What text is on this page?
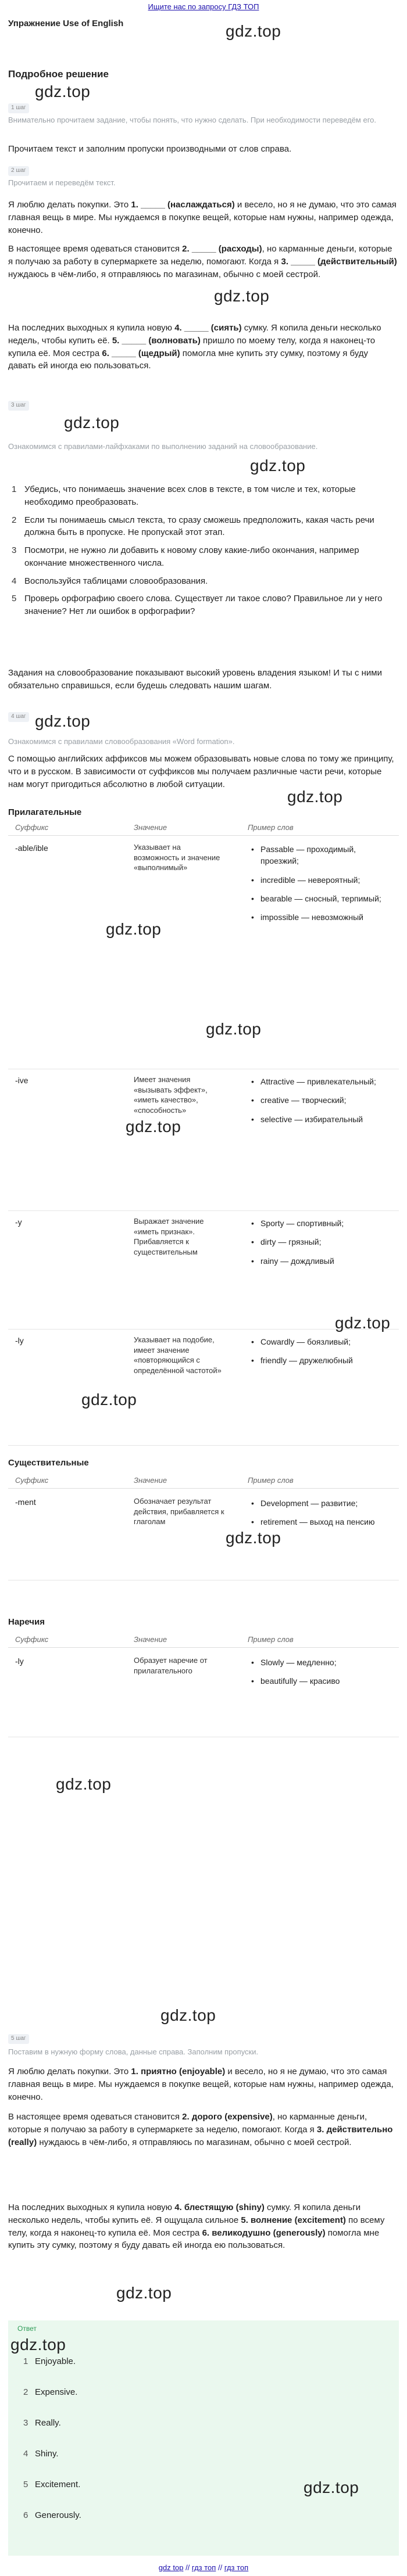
Ищите нас по запросу ГДЗ ТОП
Упражнение Use of English	gdz.top
Подробное решение
gdz.top
1 шаг
Внимательно прочитаем задание, чтобы понять, что нужно сделать. При необходимости переведём его.
Прочитаем текст и заполним пропуски производными от слов справа.
2 шаг
Прочитаем и переведём текст.
Я люблю делать покупки. Это 1. _____ (наслаждаться) и весело, но я не думаю, что это самая главная вещь в мире. Мы нуждаемся в покупке вещей, которые нам нужны, например одежда, конечно.
В настоящее время одеваться становится 2. _____ (расходы), но карманные деньги, которые я получаю за работу в супермаркете за неделю, помогают. Когда я 3. _____ (действительный) нуждаюсь в чём-либо, я отправляюсь по магазинам, обычно с моей сестрой.
gdz.top
На последних выходных я купила новую 4. _____ (сиять) сумку. Я копила деньги несколько недель, чтобы купить её. 5. _____ (волновать) пришло по моему телу, когда я наконец-то купила её. Моя сестра 6. _____ (щедрый) помогла мне купить эту сумку, поэтому я буду давать ей иногда ею пользоваться.
3 шаг
gdz.top
Ознакомимся с правилами-лайфхаками по выполнению заданий на словообразование.
gdz.top
1 Убедись, что понимаешь значение всех слов в тексте, в том числе и тех, которые необходимо преобразовать.
2 Если ты понимаешь смысл текста, то сразу сможешь предположить, какая часть речи должна быть в пропуске. Не пропускай этот этап.
3 Посмотри, не нужно ли добавить к новому слову какие-либо окончания, например окончание множественного числа.
4 Воспользуйся таблицами словообразования.
5 Проверь орфографию своего слова. Существует ли такое слово? Правильное ли у него значение? Нет ли ошибок в орфографии?
Задания на словообразование показывают высокий уровень владения языком! И ты с ними обязательно справишься, если будешь следовать нашим шагам.
4 шаг gdz.top
Ознакомимся с правилами словообразования «Word formation».
С помощью английских аффиксов мы можем образовывать новые слова по тому же принципу, что и в русском. В зависимости от суффиксов мы получаем различные части речи, которые нам могут пригодиться абсолютно в любой ситуации.
gdz.top
Прилагательные
Суффикс	Значение	Пример слов
-able/ible	Указывает на возможность и значение «выполнимый»
• Passable — проходимый, проезжий;
• incredible — невероятный;
• bearable — сносный, терпимый;
• impossible — невозможный
gdz.top
gdz.top
-ive	Имеет значения «вызывать эффект», «иметь качество», «способность»
• Attractive — привлекательный;
• creative — творческий;
• selective — избирательный
gdz.top
-y	Выражает значение «иметь признак». Прибавляется к существительным
• Sporty — спортивный;
• dirty — грязный;
• rainy — дождливый
gdz.top
-ly	Указывает на подобие, имеет значение «повторяющийся с определённой частотой»
• Cowardly — боязливый;
• friendly — дружелюбный
gdz.top
Существительные
Суффикс	Значение	Пример слов
-ment	Обозначает результат действия, прибавляется к глаголам
• Development — развитие;
• retirement — выход на пенсию
gdz.top
Наречия
Суффикс	Значение	Пример слов
-ly	Образует наречие от прилагательного
• Slowly — медленно;
• beautifully — красиво
gdz.top
gdz.top
5 шаг
Поставим в нужную форму слова, данные справа. Заполним пропуски.
Я люблю делать покупки. Это 1. приятно (enjoyable) и весело, но я не думаю, что это самая главная вещь в мире. Мы нуждаемся в покупке вещей, которые нам нужны, например одежда, конечно.
В настоящее время одеваться становится 2. дорого (expensive), но карманные деньги, которые я получаю за работу в супермаркете за неделю, помогают. Когда я 3. действительно (really) нуждаюсь в чём-либо, я отправляюсь по магазинам, обычно с моей сестрой.
На последних выходных я купила новую 4. блестящую (shiny) сумку. Я копила деньги несколько недель, чтобы купить её. Я ощущала сильное 5. волнение (excitement) по всему телу, когда я наконец-то купила её. Моя сестра 6. великодушно (generously) помогла мне купить эту сумку, поэтому я буду давать ей иногда ею пользоваться.
gdz.top
Ответ
gdz.top
1 Enjoyable.
2 Expensive.
3 Really.
4 Shiny.
5 Excitement.
6 Generously.
gdz.top
gdz top // гдз топ // гдз топ
